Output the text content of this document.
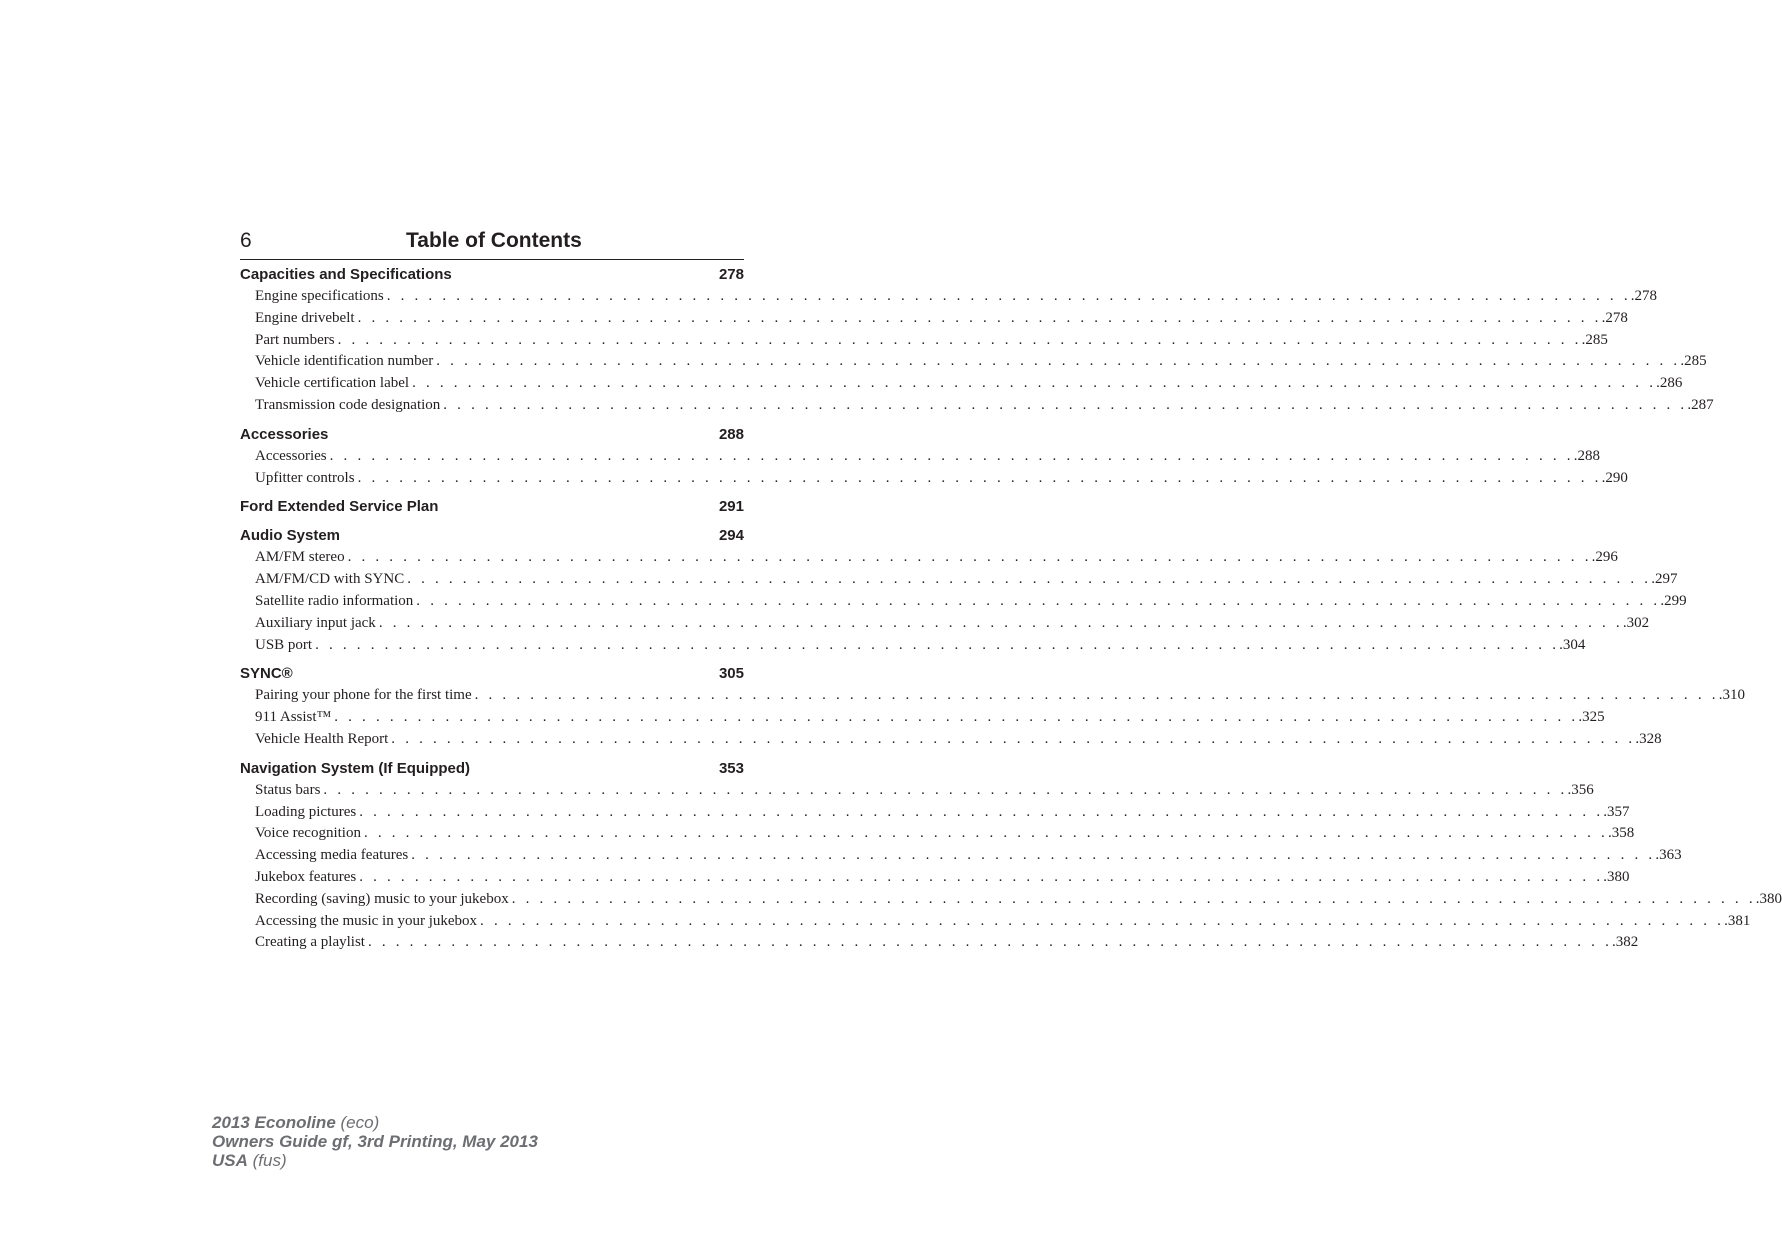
6	Table of Contents
Capacities and Specifications	278
Engine specifications . . . . . . . . . . . . . . . . . . . . . . . . . . . . . . . . . . . . . . . . . . . . . . . . . . . . . . . . . . . . . . . . . . . . . . . . . . . . . . . . . . . . . . . . . . .278
Engine drivebelt . . . . . . . . . . . . . . . . . . . . . . . . . . . . . . . . . . . . . . . . . . . . . . . . . . . . . . . . . . . . . . . . . . . . . . . . . . . . . . . . . . . . . . . . . . .278
Part numbers . . . . . . . . . . . . . . . . . . . . . . . . . . . . . . . . . . . . . . . . . . . . . . . . . . . . . . . . . . . . . . . . . . . . . . . . . . . . . . . . . . . . . . . . . . .285
Vehicle identification number . . . . . . . . . . . . . . . . . . . . . . . . . . . . . . . . . . . . . . . . . . . . . . . . . . . . . . . . . . . . . . . . . . . . . . . . . . . . . . . . . . . . . . . . . . .285
Vehicle certification label . . . . . . . . . . . . . . . . . . . . . . . . . . . . . . . . . . . . . . . . . . . . . . . . . . . . . . . . . . . . . . . . . . . . . . . . . . . . . . . . . . . . . . . . . . .286
Transmission code designation . . . . . . . . . . . . . . . . . . . . . . . . . . . . . . . . . . . . . . . . . . . . . . . . . . . . . . . . . . . . . . . . . . . . . . . . . . . . . . . . . . . . . . . . . . .287
Accessories	288
Accessories . . . . . . . . . . . . . . . . . . . . . . . . . . . . . . . . . . . . . . . . . . . . . . . . . . . . . . . . . . . . . . . . . . . . . . . . . . . . . . . . . . . . . . . . . . .288
Upfitter controls . . . . . . . . . . . . . . . . . . . . . . . . . . . . . . . . . . . . . . . . . . . . . . . . . . . . . . . . . . . . . . . . . . . . . . . . . . . . . . . . . . . . . . . . . . .290
Ford Extended Service Plan	291
Audio System	294
AM/FM stereo . . . . . . . . . . . . . . . . . . . . . . . . . . . . . . . . . . . . . . . . . . . . . . . . . . . . . . . . . . . . . . . . . . . . . . . . . . . . . . . . . . . . . . . . . . .296
AM/FM/CD with SYNC . . . . . . . . . . . . . . . . . . . . . . . . . . . . . . . . . . . . . . . . . . . . . . . . . . . . . . . . . . . . . . . . . . . . . . . . . . . . . . . . . . . . . . . . . . .297
Satellite radio information . . . . . . . . . . . . . . . . . . . . . . . . . . . . . . . . . . . . . . . . . . . . . . . . . . . . . . . . . . . . . . . . . . . . . . . . . . . . . . . . . . . . . . . . . . .299
Auxiliary input jack . . . . . . . . . . . . . . . . . . . . . . . . . . . . . . . . . . . . . . . . . . . . . . . . . . . . . . . . . . . . . . . . . . . . . . . . . . . . . . . . . . . . . . . . . . .302
USB port . . . . . . . . . . . . . . . . . . . . . . . . . . . . . . . . . . . . . . . . . . . . . . . . . . . . . . . . . . . . . . . . . . . . . . . . . . . . . . . . . . . . . . . . . . .304
SYNC®	305
Pairing your phone for the first time . . . . . . . . . . . . . . . . . . . . . . . . . . . . . . . . . . . . . . . . . . . . . . . . . . . . . . . . . . . . . . . . . . . . . . . . . . . . . . . . . . . . . . . . . . .310
911 Assist™ . . . . . . . . . . . . . . . . . . . . . . . . . . . . . . . . . . . . . . . . . . . . . . . . . . . . . . . . . . . . . . . . . . . . . . . . . . . . . . . . . . . . . . . . . . .325
Vehicle Health Report . . . . . . . . . . . . . . . . . . . . . . . . . . . . . . . . . . . . . . . . . . . . . . . . . . . . . . . . . . . . . . . . . . . . . . . . . . . . . . . . . . . . . . . . . . .328
Navigation System (If Equipped)	353
Status bars . . . . . . . . . . . . . . . . . . . . . . . . . . . . . . . . . . . . . . . . . . . . . . . . . . . . . . . . . . . . . . . . . . . . . . . . . . . . . . . . . . . . . . . . . . .356
Loading pictures . . . . . . . . . . . . . . . . . . . . . . . . . . . . . . . . . . . . . . . . . . . . . . . . . . . . . . . . . . . . . . . . . . . . . . . . . . . . . . . . . . . . . . . . . . .357
Voice recognition . . . . . . . . . . . . . . . . . . . . . . . . . . . . . . . . . . . . . . . . . . . . . . . . . . . . . . . . . . . . . . . . . . . . . . . . . . . . . . . . . . . . . . . . . . .358
Accessing media features . . . . . . . . . . . . . . . . . . . . . . . . . . . . . . . . . . . . . . . . . . . . . . . . . . . . . . . . . . . . . . . . . . . . . . . . . . . . . . . . . . . . . . . . . . .363
Jukebox features . . . . . . . . . . . . . . . . . . . . . . . . . . . . . . . . . . . . . . . . . . . . . . . . . . . . . . . . . . . . . . . . . . . . . . . . . . . . . . . . . . . . . . . . . . .380
Recording (saving) music to your jukebox . . . . . . . . . . . . . . . . . . . . . . . . . . . . . . . . . . . . . . . . . . . . . . . . . . . . . . . . . . . . . . . . . . . . . . . . . . . . . . . . . . . . . . . . . . .380
Accessing the music in your jukebox . . . . . . . . . . . . . . . . . . . . . . . . . . . . . . . . . . . . . . . . . . . . . . . . . . . . . . . . . . . . . . . . . . . . . . . . . . . . . . . . . . . . . . . . . . .381
Creating a playlist . . . . . . . . . . . . . . . . . . . . . . . . . . . . . . . . . . . . . . . . . . . . . . . . . . . . . . . . . . . . . . . . . . . . . . . . . . . . . . . . . . . . . . . . . . .382
2013 Econoline (eco)
Owners Guide gf, 3rd Printing, May 2013
USA (fus)
